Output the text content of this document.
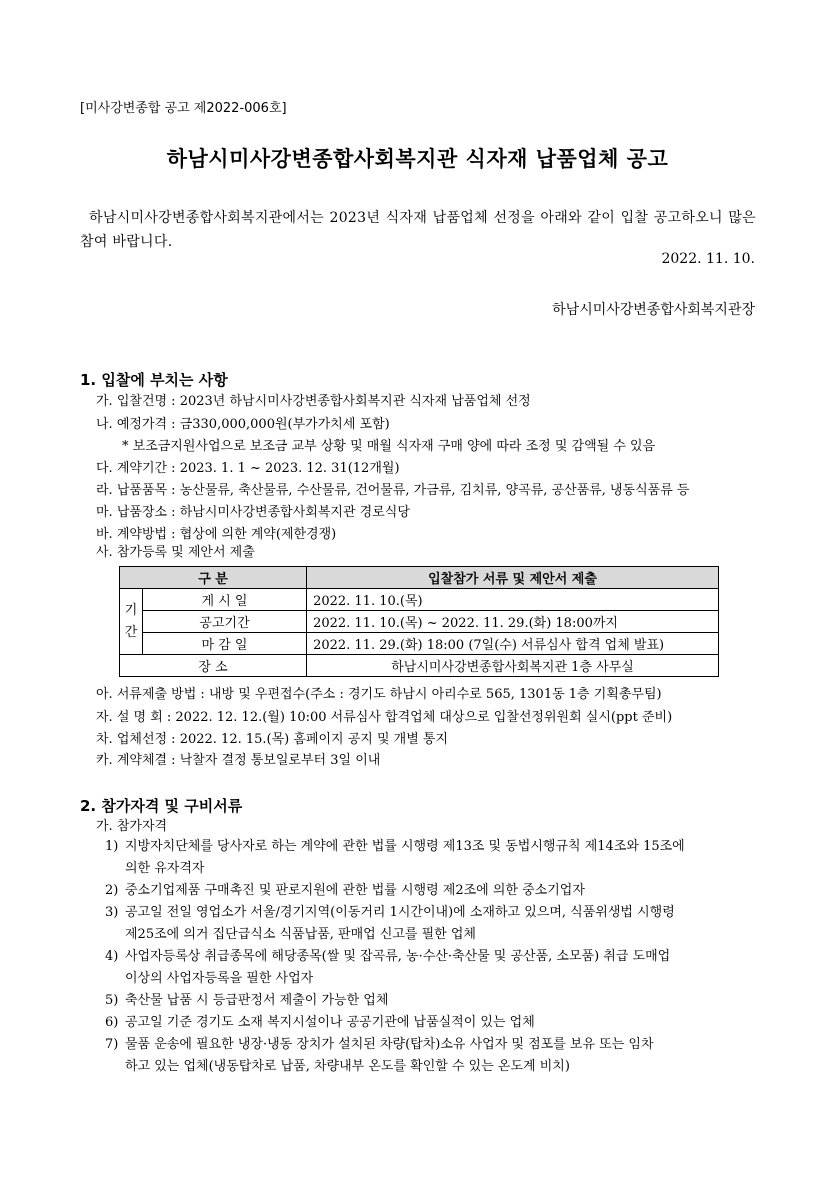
[미사강변종합 공고 제2022-006호]
하남시미사강변종합사회복지관 식자재 납품업체 공고
하남시미사강변종합사회복지관에서는 2023년 식자재 납품업체 선정을 아래와 같이 입찰 공고하오니 많은 참여 바랍니다.
2022. 11. 10.
하남시미사강변종합사회복지관장
1. 입찰에 부치는 사항
가. 입찰건명 : 2023년 하남시미사강변종합사회복지관 식자재 납품업체 선정
나. 예정가격 : 금330,000,000원(부가가치세 포함)
* 보조금지원사업으로 보조금 교부 상황 및 매월 식자재 구매 양에 따라 조정 및 감액될 수 있음
다. 계약기간 : 2023. 1. 1 ~ 2023. 12. 31(12개월)
라. 납품품목 : 농산물류, 축산물류, 수산물류, 건어물류, 가금류, 김치류, 양곡류, 공산품류, 냉동식품류 등
마. 납품장소 : 하남시미사강변종합사회복지관 경로식당
바. 계약방법 : 협상에 의한 계약(제한경쟁)
사. 참가등록 및 제안서 제출
구 분		입찰참가 서류 및 제안서 제출
기 간	게 시 일	2022. 11. 10.(목)
	공고기간	2022. 11. 10.(목) ~ 2022. 11. 29.(화) 18:00까지
	마 감 일	2022. 11. 29.(화) 18:00 (7일(수) 서류심사 합격 업체 발표)
장 소		하남시미사강변종합사회복지관 1층 사무실
아. 서류제출 방법 : 내방 및 우편접수(주소 : 경기도 하남시 아리수로 565, 1301동 1층 기획총무팀)
자. 설 명 회 : 2022. 12. 12.(월) 10:00 서류심사 합격업체 대상으로 입찰선정위원회 실시(ppt 준비)
차. 업체선정 : 2022. 12. 15.(목) 홈페이지 공지 및 개별 통지
카. 계약체결 : 낙찰자 결정 통보일로부터 3일 이내
2. 참가자격 및 구비서류
가. 참가자격
1) 지방자치단체를 당사자로 하는 계약에 관한 법률 시행령 제13조 및 동법시행규칙 제14조와 15조에
의한 유자격자
2) 중소기업제품 구매촉진 및 판로지원에 관한 법률 시행령 제2조에 의한 중소기업자
3) 공고일 전일 영업소가 서울/경기지역(이동거리 1시간이내)에 소재하고 있으며, 식품위생법 시행령
제25조에 의거 집단급식소 식품납품, 판매업 신고를 필한 업체
4) 사업자등록상 취급종목에 해당종목(쌀 및 잡곡류, 농·수산·축산물 및 공산품, 소모품) 취급 도매업
이상의 사업자등록을 필한 사업자
5) 축산물 납품 시 등급판정서 제출이 가능한 업체
6) 공고일 기준 경기도 소재 복지시설이나 공공기관에 납품실적이 있는 업체
7) 물품 운송에 필요한 냉장·냉동 장치가 설치된 차량(탑차)소유 사업자 및 점포를 보유 또는 임차
하고 있는 업체(냉동탑차로 납품, 차량내부 온도를 확인할 수 있는 온도계 비치)
